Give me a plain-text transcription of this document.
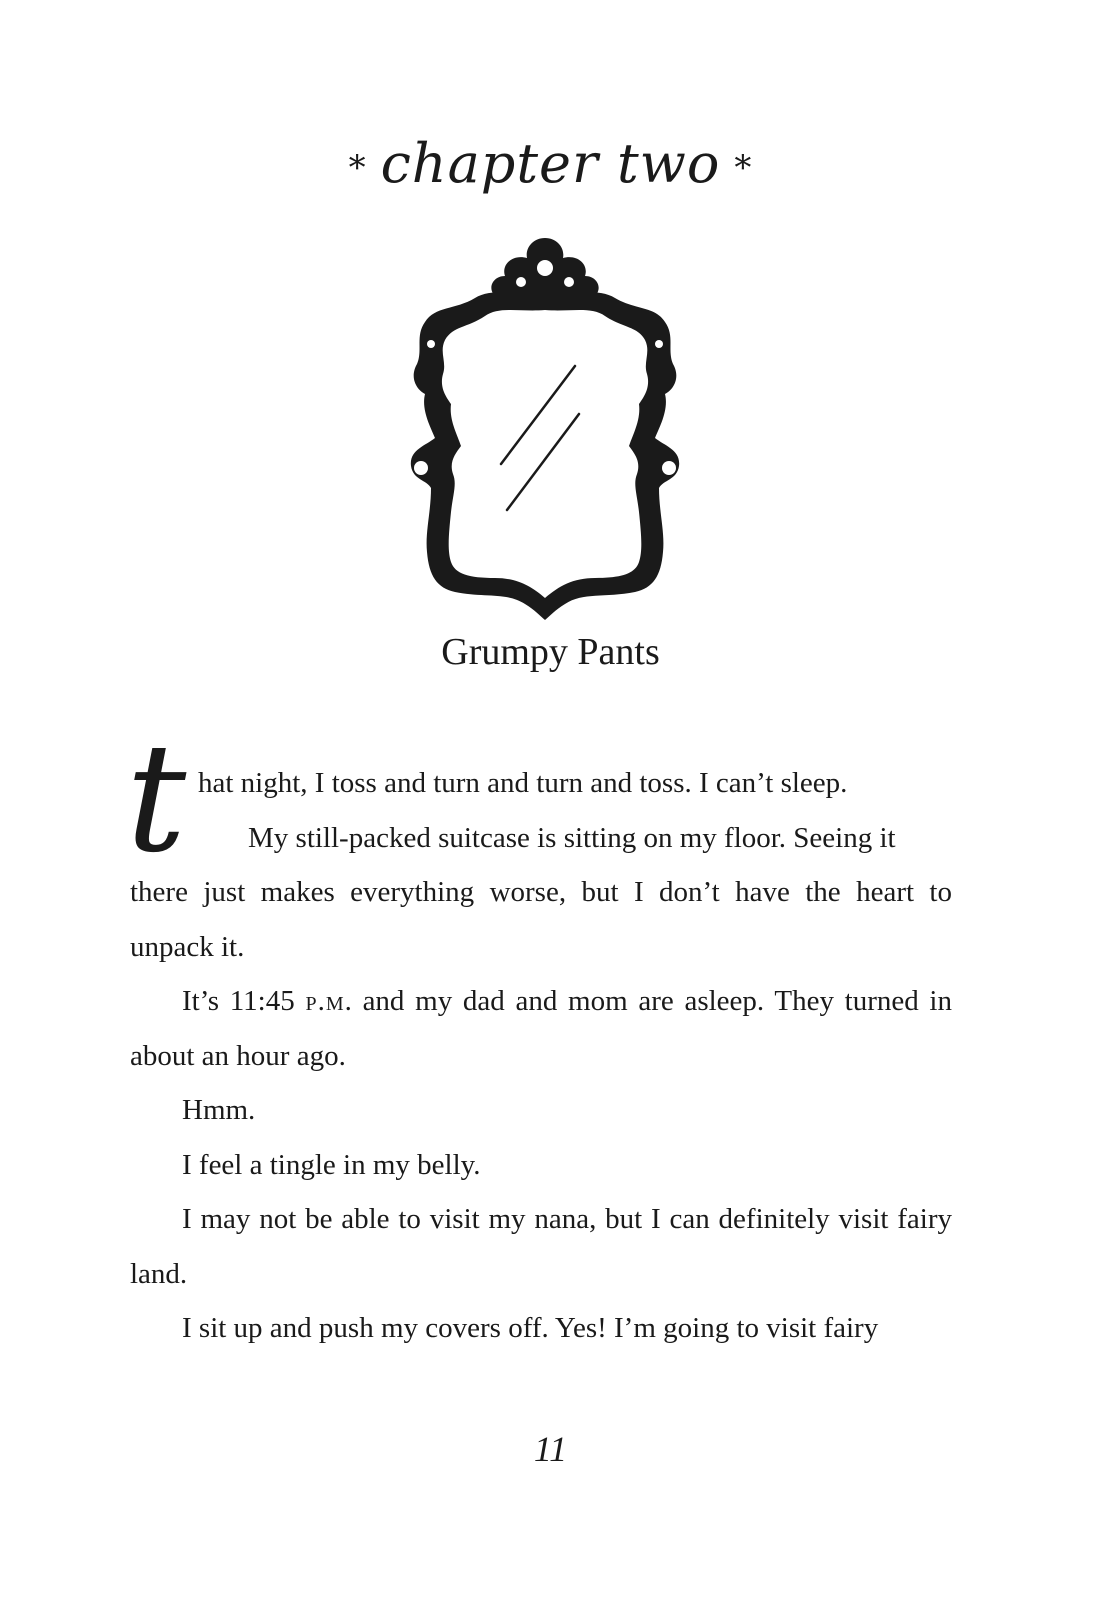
* chapter two *
Grumpy Pants
t hat night, I toss and turn and turn and toss. I can’t sleep.

My still-packed suitcase is sitting on my floor. Seeing it

there just makes everything worse, but I don’t have the heart to unpack it.

It’s 11:45 p.m. and my dad and mom are asleep. They turned in about an hour ago.

Hmm.

I feel a tingle in my belly.

I may not be able to visit my nana, but I can definitely visit fairy land.

I sit up and push my covers off. Yes! I’m going to visit fairy

11
